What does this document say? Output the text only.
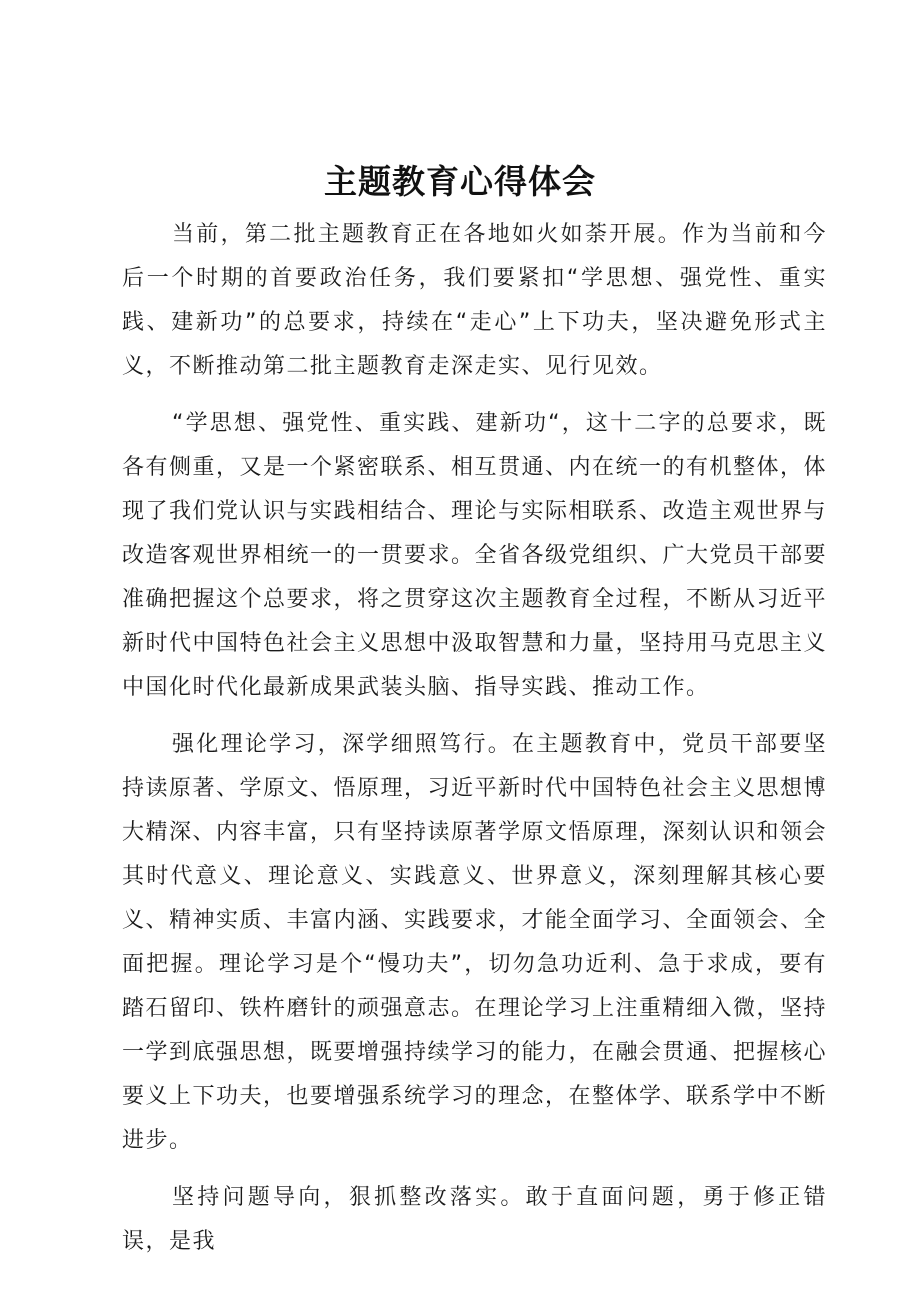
主题教育心得体会

当前，第二批主题教育正在各地如火如荼开展。作为当前和今后一个时期的首要政治任务，我们要紧扣“学思想、强党性、重实践、建新功”的总要求，持续在“走心”上下功夫，坚决避免形式主义，不断推动第二批主题教育走深走实、见行见效。

“学思想、强党性、重实践、建新功“，这十二字的总要求，既各有侧重，又是一个紧密联系、相互贯通、内在统一的有机整体，体现了我们党认识与实践相结合、理论与实际相联系、改造主观世界与改造客观世界相统一的一贯要求。全省各级党组织、广大党员干部要准确把握这个总要求，将之贯穿这次主题教育全过程，不断从习近平新时代中国特色社会主义思想中汲取智慧和力量，坚持用马克思主义中国化时代化最新成果武装头脑、指导实践、推动工作。

强化理论学习，深学细照笃行。在主题教育中，党员干部要坚持读原著、学原文、悟原理，习近平新时代中国特色社会主义思想博大精深、内容丰富，只有坚持读原著学原文悟原理，深刻认识和领会其时代意义、理论意义、实践意义、世界意义，深刻理解其核心要义、精神实质、丰富内涵、实践要求，才能全面学习、全面领会、全面把握。理论学习是个“慢功夫”，切勿急功近利、急于求成，要有踏石留印、铁杵磨针的顽强意志。在理论学习上注重精细入微，坚持一学到底强思想，既要增强持续学习的能力，在融会贯通、把握核心要义上下功夫，也要增强系统学习的理念，在整体学、联系学中不断进步。

坚持问题导向，狠抓整改落实。敢于直面问题，勇于修正错误，是我
